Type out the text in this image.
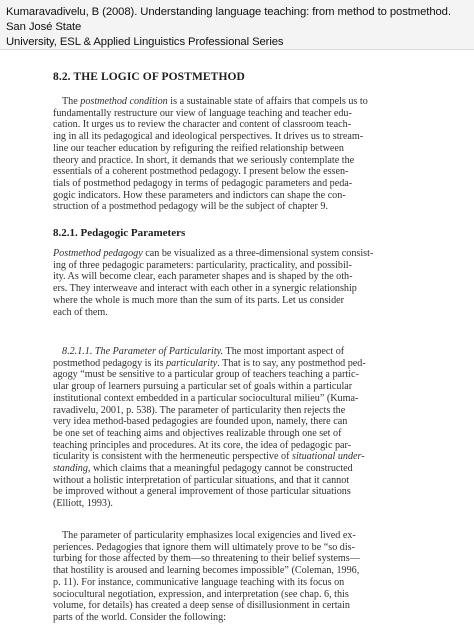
Kumaravadivelu, B (2008). Understanding language teaching: from method to postmethod. San José State
University, ESL & Applied Linguistics Professional Series

8.2. THE LOGIC OF POSTMETHOD

The postmethod condition is a sustainable state of affairs that compels us to
fundamentally restructure our view of language teaching and teacher edu-
cation. It urges us to review the character and content of classroom teach-
ing in all its pedagogical and ideological perspectives. It drives us to stream-
line our teacher education by refiguring the reified relationship between
theory and practice. In short, it demands that we seriously contemplate the
essentials of a coherent postmethod pedagogy. I present below the essen-
tials of postmethod pedagogy in terms of pedagogic parameters and peda-
gogic indicators. How these parameters and indictors can shape the con-
struction of a postmethod pedagogy will be the subject of chapter 9.

8.2.1. Pedagogic Parameters

Postmethod pedagogy can be visualized as a three-dimensional system consist-
ing of three pedagogic parameters: particularity, practicality, and possibil-
ity. As will become clear, each parameter shapes and is shaped by the oth-
ers. They interweave and interact with each other in a synergic relationship
where the whole is much more than the sum of its parts. Let us consider
each of them.

8.2.1.1. The Parameter of Particularity. The most important aspect of
postmethod pedagogy is its particularity. That is to say, any postmethod ped-
agogy “must be sensitive to a particular group of teachers teaching a partic-
ular group of learners pursuing a particular set of goals within a particular
institutional context embedded in a particular sociocultural milieu” (Kuma-
ravadivelu, 2001, p. 538). The parameter of particularity then rejects the
very idea method-based pedagogies are founded upon, namely, there can
be one set of teaching aims and objectives realizable through one set of
teaching principles and procedures. At its core, the idea of pedagogic par-
ticularity is consistent with the hermeneutic perspective of situational under-
standing, which claims that a meaningful pedagogy cannot be constructed
without a holistic interpretation of particular situations, and that it cannot
be improved without a general improvement of those particular situations
(Elliott, 1993).

The parameter of particularity emphasizes local exigencies and lived ex-
periences. Pedagogies that ignore them will ultimately prove to be “so dis-
turbing for those affected by them—so threatening to their belief systems—
that hostility is aroused and learning becomes impossible” (Coleman, 1996,
p. 11). For instance, communicative language teaching with its focus on
sociocultural negotiation, expression, and interpretation (see chap. 6, this
volume, for details) has created a deep sense of disillusionment in certain
parts of the world. Consider the following:
